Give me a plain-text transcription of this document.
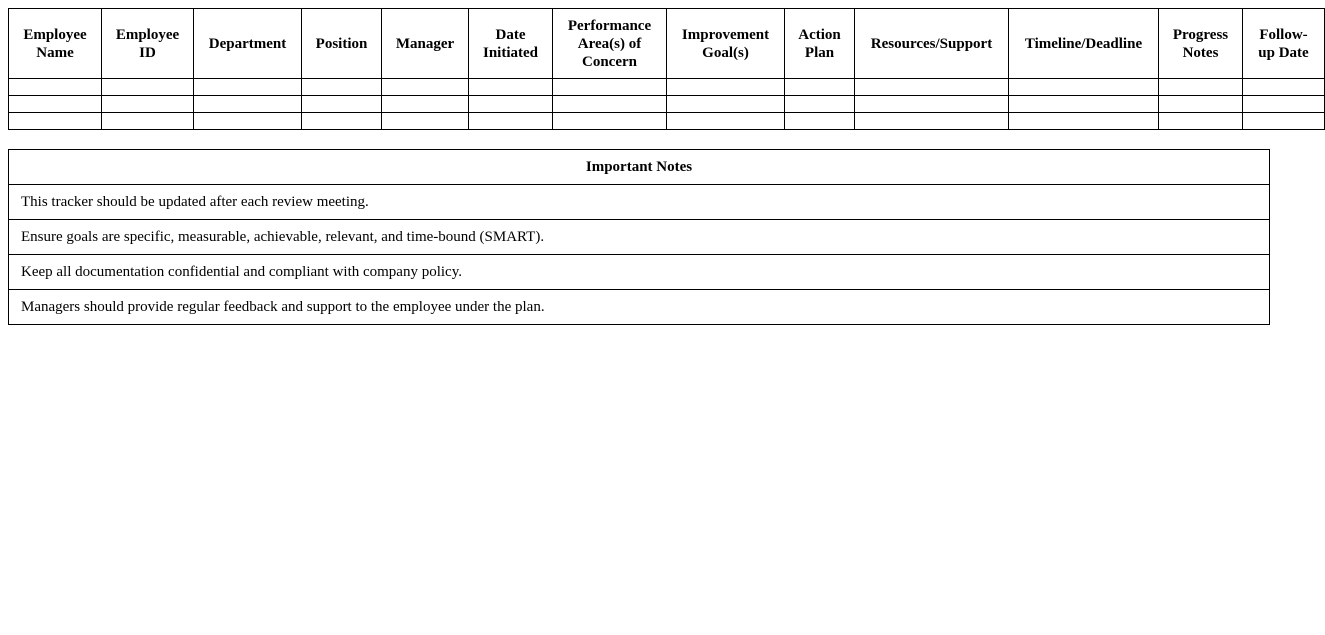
Employee Name	Employee ID	Department	Position	Manager	Date Initiated	Performance Area(s) of Concern	Improvement Goal(s)	Action Plan	Resources/Support	Timeline/Deadline	Progress Notes	Follow-up Date

Important Notes
This tracker should be updated after each review meeting.
Ensure goals are specific, measurable, achievable, relevant, and time-bound (SMART).
Keep all documentation confidential and compliant with company policy.
Managers should provide regular feedback and support to the employee under the plan.
